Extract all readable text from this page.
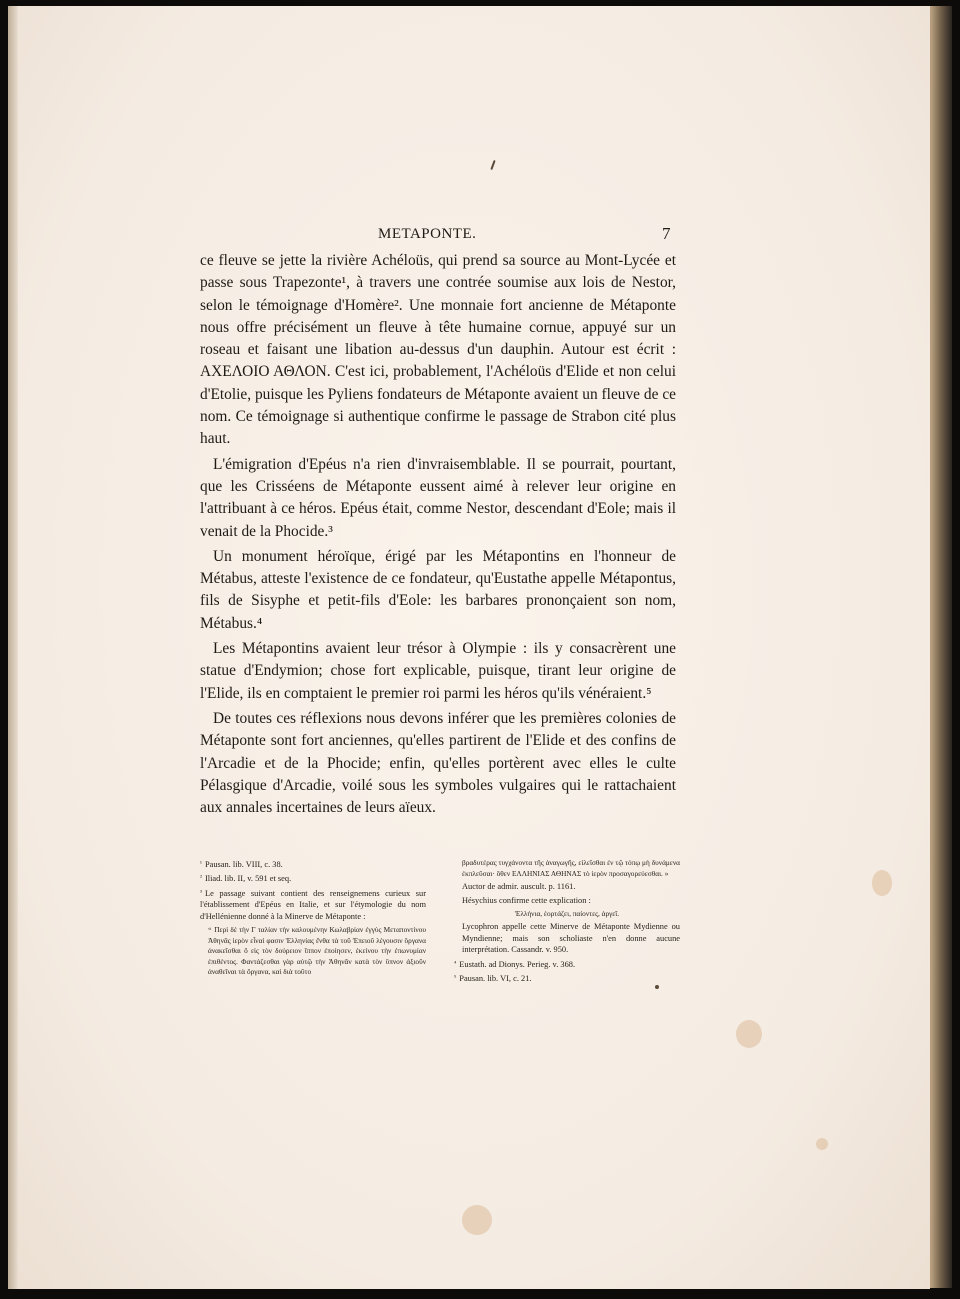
METAPONTE.	7

ce fleuve se jette la rivière Achéloüs, qui prend sa source au Mont-Lycée et passe sous Trapezonte¹, à travers une contrée soumise aux lois de Nestor, selon le témoignage d'Homère². Une monnaie fort ancienne de Métaponte nous offre précisément un fleuve à tête humaine cornue, appuyé sur un roseau et faisant une libation au-dessus d'un dauphin. Autour est écrit : ΑΧΕΛΟΙΟ ΑΘΛΟΝ. C'est ici, probablement, l'Achéloüs d'Elide et non celui d'Etolie, puisque les Pyliens fondateurs de Métaponte avaient un fleuve de ce nom. Ce témoignage si authentique confirme le passage de Strabon cité plus haut.

L'émigration d'Epéus n'a rien d'invraisemblable. Il se pourrait, pourtant, que les Crisséens de Métaponte eussent aimé à relever leur origine en l'attribuant à ce héros. Epéus était, comme Nestor, descendant d'Eole; mais il venait de la Phocide.³

Un monument héroïque, érigé par les Métapontins en l'honneur de Métabus, atteste l'existence de ce fondateur, qu'Eustathe appelle Métapontus, fils de Sisyphe et petit-fils d'Eole: les barbares prononçaient son nom, Métabus.⁴

Les Métapontins avaient leur trésor à Olympie : ils y consacrèrent une statue d'Endymion; chose fort explicable, puisque, tirant leur origine de l'Elide, ils en comptaient le premier roi parmi les héros qu'ils vénéraient.⁵

De toutes ces réflexions nous devons inférer que les premières colonies de Métaponte sont fort anciennes, qu'elles partirent de l'Elide et des confins de l'Arcadie et de la Phocide; enfin, qu'elles portèrent avec elles le culte Pélasgique d'Arcadie, voilé sous les symboles vulgaires qui le rattachaient aux annales incertaines de leurs aïeux.

$^{^1}$ Pausan. lib. VIII, c. 38.

$^{^2}$ Iliad. lib. II, v. 591 et seq.

$^{^3}$ Le passage suivant contient des renseignemens curieux sur l'établissement d'Epéus en Italie, et sur l'étymologie du nom d'Hellénienne donné à la Minerve de Métaponte :

« Περὶ δὲ τὴν Γ ταλίαν τὴν καλουμένην Κωλαβρίαν ἐγγὺς Μεταποντίνου Ἀθηνᾶς ἱερὸν εἶναί φασιν Ἑλληνίας ἔνθα τὰ τοῦ Ἐπειοῦ λέγουσιν ὄργανα ἀνακεῖσθαι ὃ εἰς τὸν δούρειον ἵππον ἐποίησεν, ἐκείνου τὴν ἐπωνυμίαν ἐπιθέντος. Φαντάζεσθαι γὰρ αὐτῷ τὴν Ἀθηνᾶν κατὰ τὸν ὕπνον ἀξιοῦν ἀναθεῖναι τὰ ὄργανα, καὶ διὰ τοῦτο

βραδυτέρας τυγχάνοντα τῆς ἀναγωγῆς, εἰλεῖσθαι ἐν τῷ τόπῳ μὴ δυνάμενα ἐκπλεῦσαι· ὅθεν ΕΛΛΗΝΙΑΣ ΑΘΗΝΑΣ τὸ ἱερὸν προσαγορεύεσθαι. »

Auctor de admir. auscult. p. 1161.

Hésychius confirme cette explication :

Ἑλλήνια, ἐορτάζει, παίοντες, ἀργεῖ.

Lycophron appelle cette Minerve de Métaponte Mydienne ou Myndienne; mais son scholiaste n'en donne aucune interprétation. Cassandr. v. 950.

$^{^4}$ Eustath. ad Dionys. Perieg. v. 368.

$^{^5}$ Pausan. lib. VI, c. 21.
